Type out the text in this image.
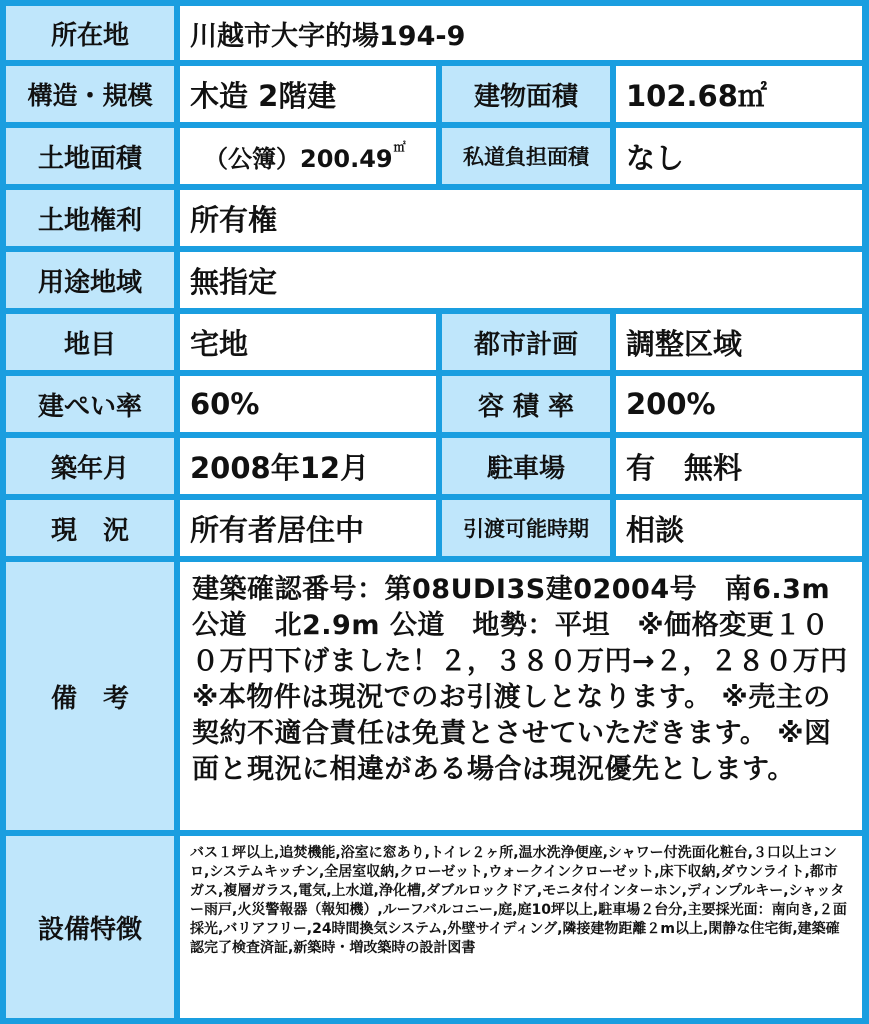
所在地	川越市大字的場194-9
構造・規模	木造 2階建	建物面積	102.68㎡
土地面積	（公簿）200.49 ㎡	私道負担面積	なし
土地権利	所有権
用途地域	無指定
地目	宅地	都市計画	調整区域
建ぺい率	60%	容 積 率	200%
築年月	2008年12月	駐車場	有　無料
現　況	所有者居住中	引渡可能時期	相談
備　考
建築確認番号：第08UDI3S建02004号　南6.3m公道　北2.9m 公道　地勢：平坦　※価格変更１００万円下げました！２，３８０万円→２，２８０万円 ※本物件は現況でのお引渡しとなります。 ※売主の契約不適合責任は免責とさせていただきます。 ※図面と現況に相違がある場合は現況優先とします。
設備特徴
バス１坪以上,追焚機能,浴室に窓あり,トイレ２ヶ所,温水洗浄便座,シャワー付洗面化粧台,３口以上コンロ,システムキッチン,全居室収納,クローゼット,ウォークインクローゼット,床下収納,ダウンライト,都市ガス,複層ガラス,電気,上水道,浄化槽,ダブルロックドア,モニタ付インターホン,ディンプルキー,シャッター雨戸,火災警報器（報知機）,ルーフバルコニー,庭,庭10坪以上,駐車場２台分,主要採光面：南向き,２面採光,バリアフリー,24時間換気システム,外壁サイディング,隣接建物距離２m以上,閑静な住宅街,建築確認完了検査済証,新築時・増改築時の設計図書
